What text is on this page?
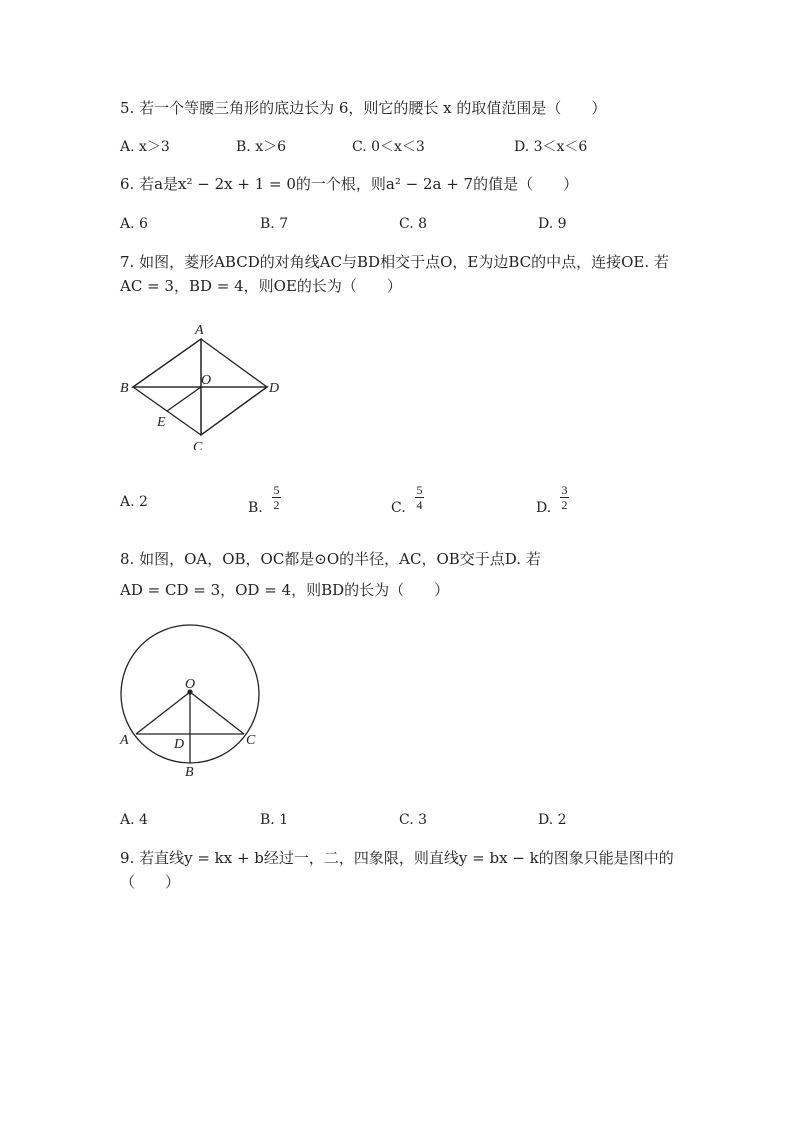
5. 若一个等腰三角形的底边长为 6，则它的腰长 x 的取值范围是（　　）
A. x＞3	B. x＞6	C. 0＜x＜3	D. 3＜x＜6
6. 若a是x² − 2x + 1 = 0的一个根，则a² − 2a + 7的值是（　　）
A. 6	B. 7	C. 8	D. 9
7. 如图，菱形ABCD的对角线AC与BD相交于点O，E为边BC的中点，连接OE. 若
AC = 3，BD = 4，则OE的长为（　　）
A
B
O
D
E
C
A. 2	B.
5
2	C.
5
4	D.
3
2
8. 如图，OA，OB，OC都是⊙O的半径，AC，OB交于点D. 若
AD = CD = 3，OD = 4，则BD的长为（　　）
O
A	C
D
B
A. 4	B. 1	C. 3	D. 2
9. 若直线y = kx + b经过一，二，四象限，则直线y = bx − k的图象只能是图中的
（　　）
